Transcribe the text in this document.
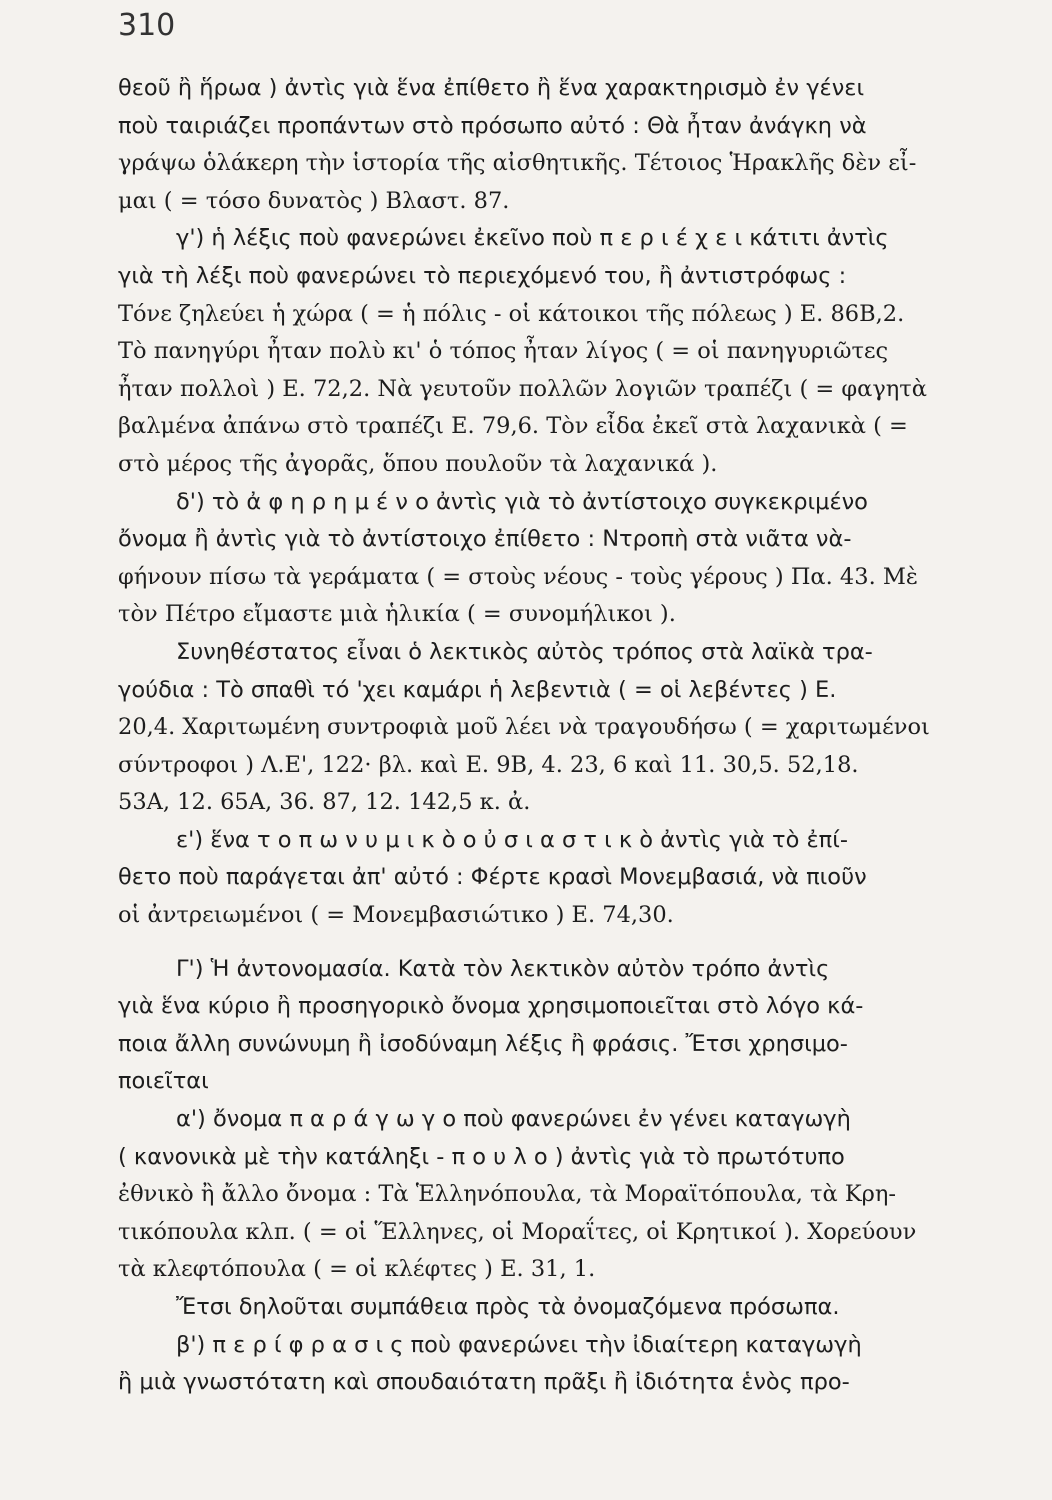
310
θεοῦ ἢ ἥρωα ) ἀντὶς γιὰ ἕνα ἐπίθετο ἢ ἕνα χαρακτηρισμὸ ἐν γένει
ποὺ ταιριάζει προπάντων στὸ πρόσωπο αὐτό : Θὰ ἦταν ἀνάγκη νὰ
γράψω ὁλάκερη τὴν ἱστορία τῆς αἰσθητικῆς. Τέτοιος Ἡρακλῆς δὲν εἶ-
μαι ( = τόσο δυνατὸς ) Βλαστ. 87.
γ') ἡ λέξις ποὺ φανερώνει ἐκεῖνο ποὺ π ε ρ ι έ χ ε ι κάτιτι ἀντὶς
γιὰ τὴ λέξι ποὺ φανερώνει τὸ περιεχόμενό του, ἢ ἀντιστρόφως :
Τόνε ζηλεύει ἡ χώρα ( = ἡ πόλις - οἱ κάτοικοι τῆς πόλεως ) Ε. 86Β,2.
Τὸ πανηγύρι ἦταν πολὺ κι' ὁ τόπος ἦταν λίγος ( = οἱ πανηγυριῶτες
ἦταν πολλοὶ ) Ε. 72,2. Νὰ γευτοῦν πολλῶν λογιῶν τραπέζι ( = φαγητὰ
βαλμένα ἀπάνω στὸ τραπέζι Ε. 79,6. Τὸν εἶδα ἐκεῖ στὰ λαχανικὰ ( =
στὸ μέρος τῆς ἀγορᾶς, ὅπου πουλοῦν τὰ λαχανικά ).
δ') τὸ ἀ φ η ρ η μ έ ν ο ἀντὶς γιὰ τὸ ἀντίστοιχο συγκεκριμένο
ὄνομα ἢ ἀντὶς γιὰ τὸ ἀντίστοιχο ἐπίθετο : Ντροπὴ στὰ νιᾶτα νὰ-
φήνουν πίσω τὰ γεράματα ( = στοὺς νέους - τοὺς γέρους ) Πα. 43. Μὲ
τὸν Πέτρο εἴμαστε μιὰ ἡλικία ( = συνομήλικοι ).
Συνηθέστατος εἶναι ὁ λεκτικὸς αὐτὸς τρόπος στὰ λαϊκὰ τρα-
γούδια : Τὸ σπαθὶ τό 'χει καμάρι ἡ λεβεντιὰ ( = οἱ λεβέντες ) Ε.
20,4. Χαριτωμένη συντροφιὰ μοῦ λέει νὰ τραγουδήσω ( = χαριτωμένοι
σύντροφοι ) Λ.Ε', 122· βλ. καὶ Ε. 9Β, 4. 23, 6 καὶ 11. 30,5. 52,18.
53Α, 12. 65Α, 36. 87, 12. 142,5 κ. ἀ.
ε') ἕνα τ ο π ω ν υ μ ι κ ὸ ο ὐ σ ι α σ τ ι κ ὸ ἀντὶς γιὰ τὸ ἐπί-
θετο ποὺ παράγεται ἀπ' αὐτό : Φέρτε κρασὶ Μονεμβασιά, νὰ πιοῦν
οἱ ἀντρειωμένοι ( = Μονεμβασιώτικο ) Ε. 74,30.
Γ') Ἡ ἀντονομασία. Κατὰ τὸν λεκτικὸν αὐτὸν τρόπο ἀντὶς
γιὰ ἕνα κύριο ἢ προσηγορικὸ ὄνομα χρησιμοποιεῖται στὸ λόγο κά-
ποια ἄλλη συνώνυμη ἢ ἰσοδύναμη λέξις ἢ φράσις. Ἔτσι χρησιμο-
ποιεῖται
α') ὄνομα π α ρ ά γ ω γ ο ποὺ φανερώνει ἐν γένει καταγωγὴ
( κανονικὰ μὲ τὴν κατάληξι - π ο υ λ ο ) ἀντὶς γιὰ τὸ πρωτότυπο
ἐθνικὸ ἢ ἄλλο ὄνομα : Τὰ Ἑλληνόπουλα, τὰ Μοραϊτόπουλα, τὰ Κρη-
τικόπουλα κλπ. ( = οἱ Ἕλληνες, οἱ Μοραΐτες, οἱ Κρητικοί ). Χορεύουν
τὰ κλεφτόπουλα ( = οἱ κλέφτες ) Ε. 31, 1.
Ἔτσι δηλοῦται συμπάθεια πρὸς τὰ ὀνομαζόμενα πρόσωπα.
β') π ε ρ ί φ ρ α σ ι ς ποὺ φανερώνει τὴν ἰδιαίτερη καταγωγὴ
ἢ μιὰ γνωστότατη καὶ σπουδαιότατη πρᾶξι ἢ ἰδιότητα ἑνὸς προ-
